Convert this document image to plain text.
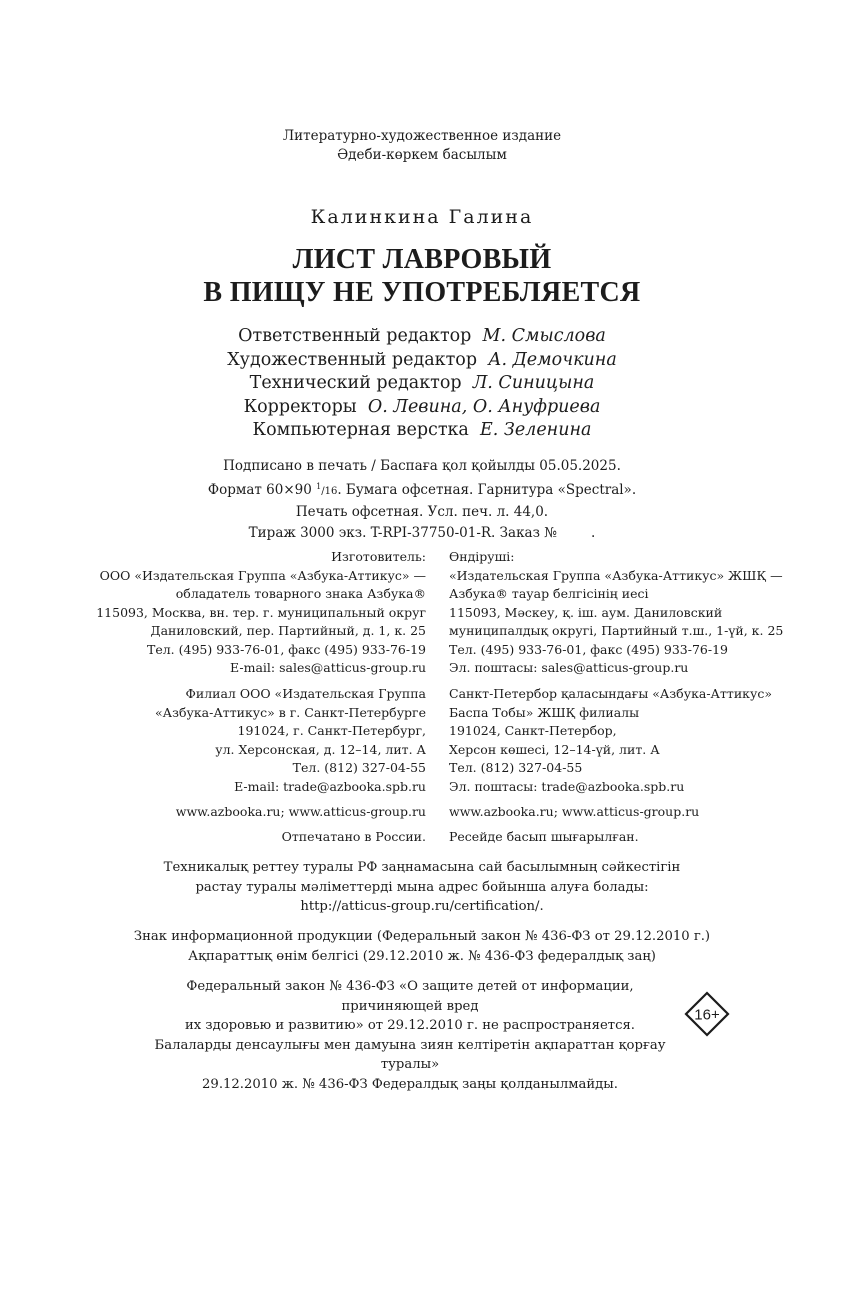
Литературно-художественное издание
Әдеби-көркем басылым
Калинкина Галина
ЛИСТ ЛАВРОВЫЙ
В ПИЩУ НЕ УПОТРЕБЛЯЕТСЯ
Ответственный редактор М. Смыслова
Художественный редактор А. Демочкина
Технический редактор Л. Синицына
Корректоры О. Левина, О. Ануфриева
Компьютерная верстка Е. Зеленина
Подписано в печать / Баспаға қол қойылды 05.05.2025.
Формат 60×90 $^1$/16. Бумага офсетная. Гарнитура «Spectral».
Печать офсетная. Усл. печ. л. 44,0.
Тираж 3000 экз. T-RPI-37750-01-R. Заказ №	.
Изготовитель:
ООО «Издательская Группа «Азбука-Аттикус» —
обладатель товарного знака Азбука®
115093, Москва, вн. тер. г. муниципальный округ
Даниловский, пер. Партийный, д. 1, к. 25
Тел. (495) 933-76-01, факс (495) 933-76-19
E-mail: sales@atticus-group.ru
Өндіруші:
«Издательская Группа «Азбука-Аттикус» ЖШҚ —
Азбука® тауар белгісінің иесі
115093, Мәскеу, қ. іш. аум. Даниловский
муниципалдық округі, Партийный т.ш., 1-үй, к. 25
Тел. (495) 933-76-01, факс (495) 933-76-19
Эл. поштасы: sales@atticus-group.ru
Филиал ООО «Издательская Группа
«Азбука-Аттикус» в г. Санкт-Петербурге
191024, г. Санкт-Петербург,
ул. Херсонская, д. 12–14, лит. А
Тел. (812) 327-04-55
E-mail: trade@azbooka.spb.ru
Санкт-Петербор қаласындағы «Азбука-Аттикус»
Баспа Тобы» ЖШҚ филиалы
191024, Санкт-Петербор,
Херсон көшесі, 12–14-үй, лит. А
Тел. (812) 327-04-55
Эл. поштасы: trade@azbooka.spb.ru
www.azbooka.ru; www.atticus-group.ru www.azbooka.ru; www.atticus-group.ru
Отпечатано в России. Ресейде басып шығарылған.
Техникалық реттеу туралы РФ заңнамасына сай басылымның сәйкестігін
растау туралы мәліметтерді мына адрес бойынша алуға болады:
http://atticus-group.ru/certification/.
Знак информационной продукции (Федеральный закон № 436-ФЗ от 29.12.2010 г.)
Ақпараттық өнім белгісі (29.12.2010 ж. № 436-ФЗ федералдық заң)
Федеральный закон № 436-ФЗ «О защите детей от информации, причиняющей вред
их здоровью и развитию» от 29.12.2010 г. не распространяется.
Балаларды денсаулығы мен дамуына зиян келтіретін ақпараттан қорғау туралы»
29.12.2010 ж. № 436-ФЗ Федералдық заңы қолданылмайды.
16+
